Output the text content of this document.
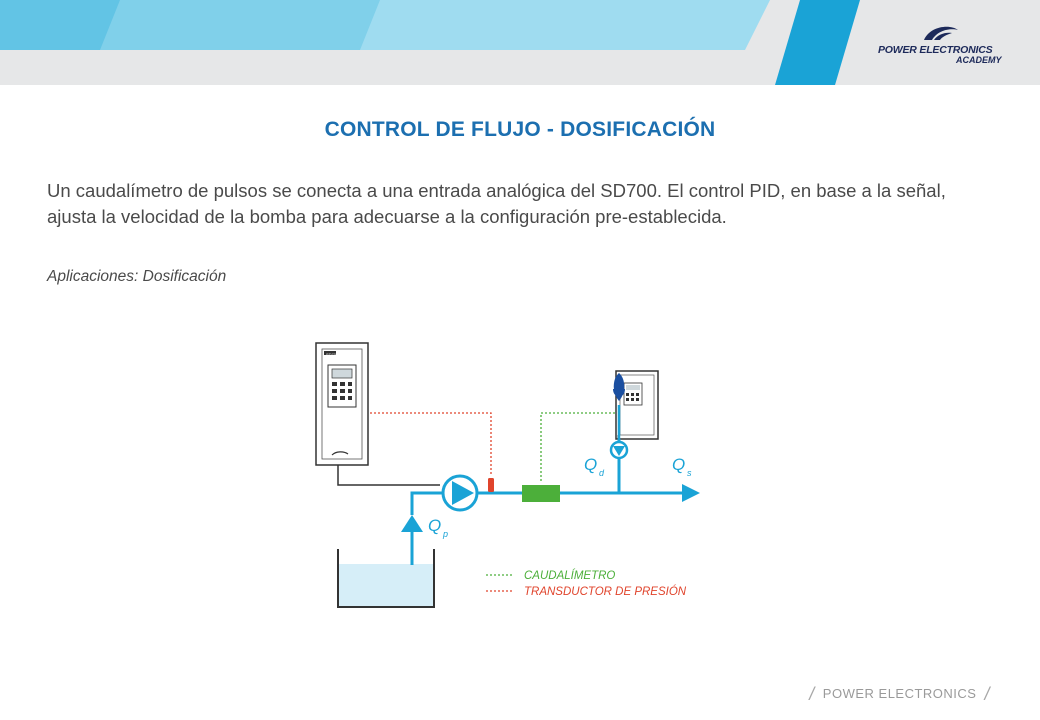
POWER ELECTRONICS
ACADEMY
CONTROL DE FLUJO - DOSIFICACIÓN
Un caudalímetro de pulsos se conecta a una entrada analógica del SD700. El control PID, en base a la señal, ajusta la velocidad de la bomba para adecuarse a la configuración pre-establecida.
Aplicaciones: Dosificación
SD700
Q p
Q d	Q s
CAUDALÍMETRO
TRANSDUCTOR DE PRESIÓN
/ POWER ELECTRONICS /
